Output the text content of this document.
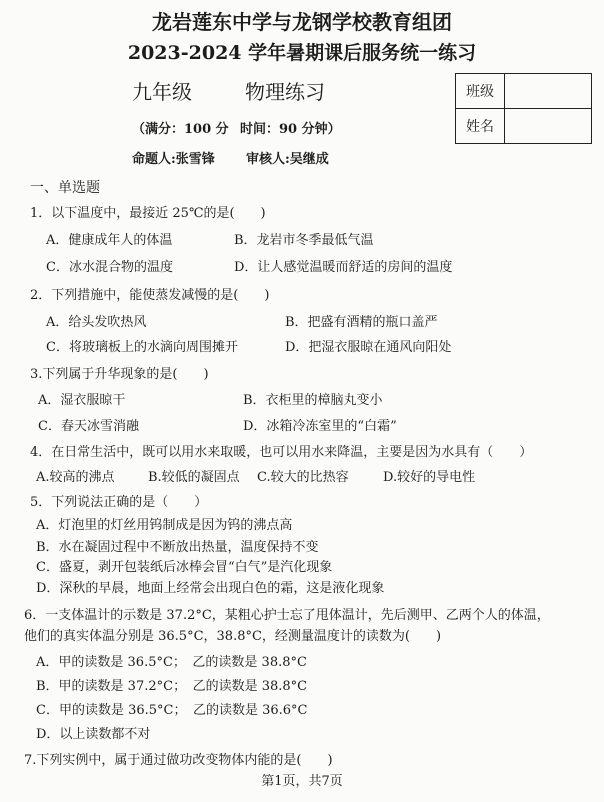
龙岩莲东中学与龙钢学校教育组团
2023-2024 学年暑期课后服务统一练习
九年级	物理练习
（满分：100 分 时间：90 分钟）
命题人:张雪锋 审核人:吴继成
班级	
姓名	
一、单选题
1．以下温度中，最接近 25℃的是(　　)
A．健康成年人的体温	B．龙岩市冬季最低气温
C．冰水混合物的温度	D．让人感觉温暖而舒适的房间的温度
2．下列措施中，能使蒸发减慢的是(　　)
A．给头发吹热风	B．把盛有酒精的瓶口盖严
C．将玻璃板上的水滴向周围摊开	D．把湿衣服晾在通风向阳处
3.下列属于升华现象的是(　　)
A．湿衣服晾干	B．衣柜里的樟脑丸变小
C．春天冰雪消融	D．冰箱冷冻室里的“白霜”
4．在日常生活中，既可以用水来取暖，也可以用水来降温，主要是因为水具有（　　）
A.较高的沸点	B.较低的凝固点 C.较大的比热容	D.较好的导电性
5．下列说法正确的是（　　）
A．灯泡里的灯丝用钨制成是因为钨的沸点高
B．水在凝固过程中不断放出热量，温度保持不变
C．盛夏，剥开包装纸后冰棒会冒“白气”是汽化现象
D．深秋的早晨，地面上经常会出现白色的霜，这是液化现象
6．一支体温计的示数是 37.2°C，某粗心护士忘了甩体温计，先后测甲、乙两个人的体温，
他们的真实体温分别是 36.5°C，38.8°C，经测量温度计的读数为(　　)
A．甲的读数是 36.5°C；　乙的读数是 38.8°C
B．甲的读数是 37.2°C；　乙的读数是 38.8°C
C．甲的读数是 36.5°C；　乙的读数是 36.6°C
D．以上读数都不对
7.下列实例中，属于通过做功改变物体内能的是(　　)
第1页，共7页
